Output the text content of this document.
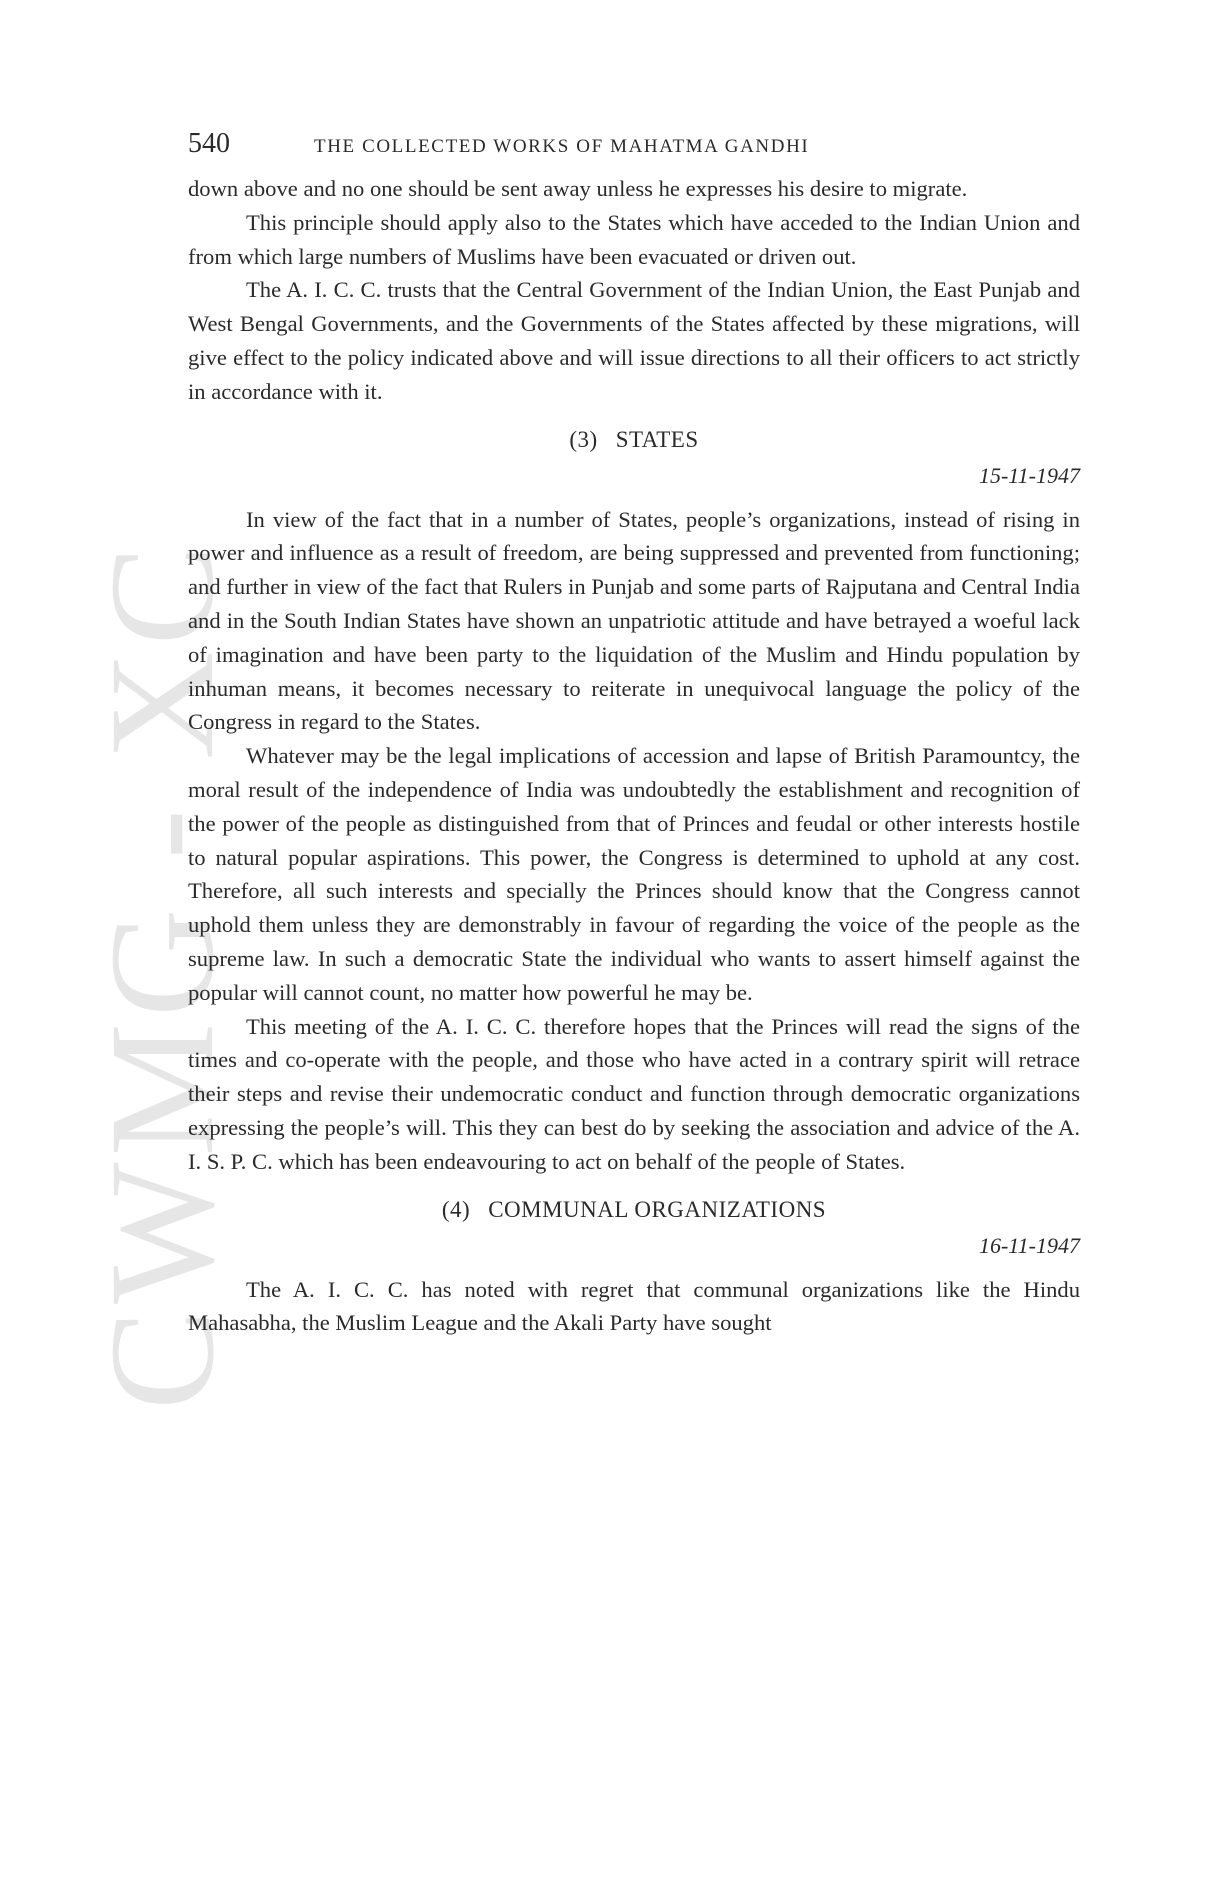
CWMG - XC
540	THE COLLECTED WORKS OF MAHATMA GANDHI

down above and no one should be sent away unless he expresses his desire to migrate.

This principle should apply also to the States which have acceded to the Indian Union and from which large numbers of Muslims have been evacuated or driven out.

The A. I. C. C. trusts that the Central Government of the Indian Union, the East Punjab and West Bengal Governments, and the Governments of the States affected by these migrations, will give effect to the policy indicated above and will issue directions to all their officers to act strictly in accordance with it.

(3) STATES
15-11-1947

In view of the fact that in a number of States, people’s organizations, instead of rising in power and influence as a result of freedom, are being suppressed and prevented from functioning; and further in view of the fact that Rulers in Punjab and some parts of Rajputana and Central India and in the South Indian States have shown an unpatriotic attitude and have betrayed a woeful lack of imagination and have been party to the liquidation of the Muslim and Hindu population by inhuman means, it becomes necessary to reiterate in unequivocal language the policy of the Congress in regard to the States.

Whatever may be the legal implications of accession and lapse of British Paramountcy, the moral result of the independence of India was undoubtedly the establishment and recognition of the power of the people as distinguished from that of Princes and feudal or other interests hostile to natural popular aspirations. This power, the Congress is determined to uphold at any cost. Therefore, all such interests and specially the Princes should know that the Congress cannot uphold them unless they are demonstrably in favour of regarding the voice of the people as the supreme law. In such a democratic State the individual who wants to assert himself against the popular will cannot count, no matter how powerful he may be.

This meeting of the A. I. C. C. therefore hopes that the Princes will read the signs of the times and co-operate with the people, and those who have acted in a contrary spirit will retrace their steps and revise their undemocratic conduct and function through democratic organizations expressing the people’s will. This they can best do by seeking the association and advice of the A. I. S. P. C. which has been endeavouring to act on behalf of the people of States.

(4) COMMUNAL ORGANIZATIONS
16-11-1947

The A. I. C. C. has noted with regret that communal organizations like the Hindu Mahasabha, the Muslim League and the Akali Party have sought
